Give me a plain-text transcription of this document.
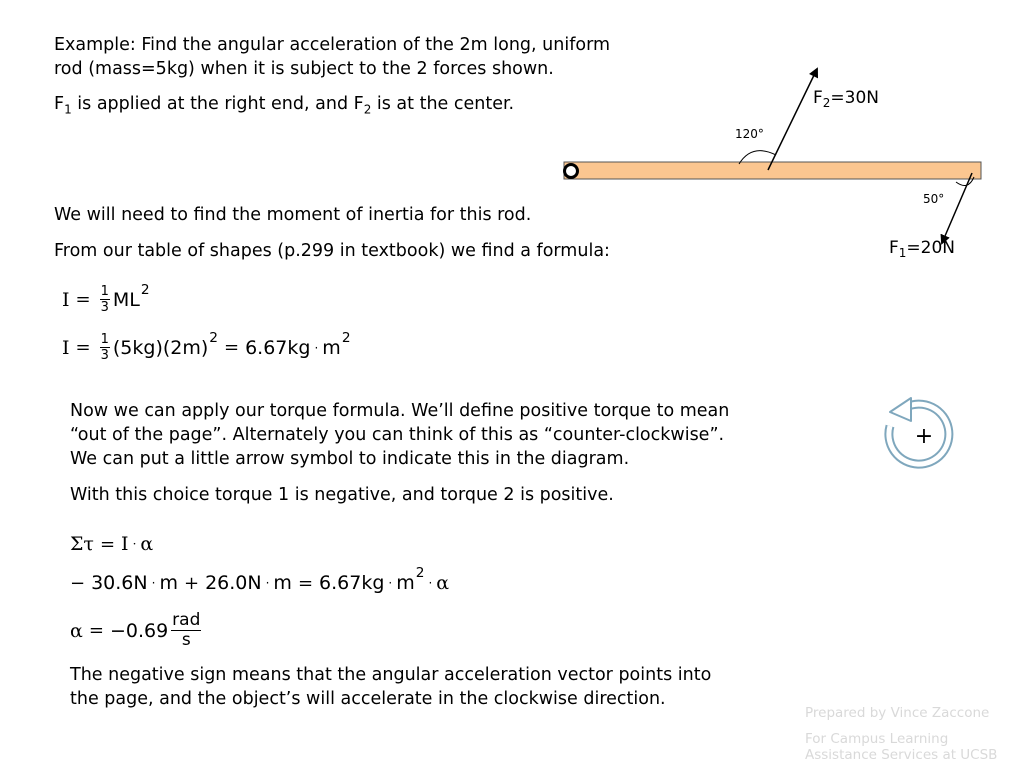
Example: Find the angular acceleration of the 2m long, uniform
rod (mass=5kg) when it is subject to the 2 forces shown.
$F_1$ is applied at the right end, and $F_2$ is at the center.
120°
50°
$F_2=30N$
$F_1=20N$
We will need to find the moment of inertia for this rod.
From our table of shapes (p.299 in textbook) we find a formula:
$I = \frac{1}{3}$ ML 2
$I = \frac{1}{3} (5kg)(2m) 2 = 6.67kg \cdot m$ 2
Now we can apply our torque formula. We’ll define positive torque to mean
“out of the page”. Alternately you can think of this as “counter-clockwise”.
We can put a little arrow symbol to indicate this in the diagram.
With this choice torque 1 is negative, and torque 2 is positive.
+
Στ = I · α
− 30.6N · m + 26.0N · m = 6.67kg · m 2
· α
$\alpha = -0.69 \frac{\text{rad}}{s}$
The negative sign means that the angular acceleration vector points into
the page, and the object’s will accelerate in the clockwise direction.
Prepared by Vince Zaccone
For Campus Learning
Assistance Services at UCSB
